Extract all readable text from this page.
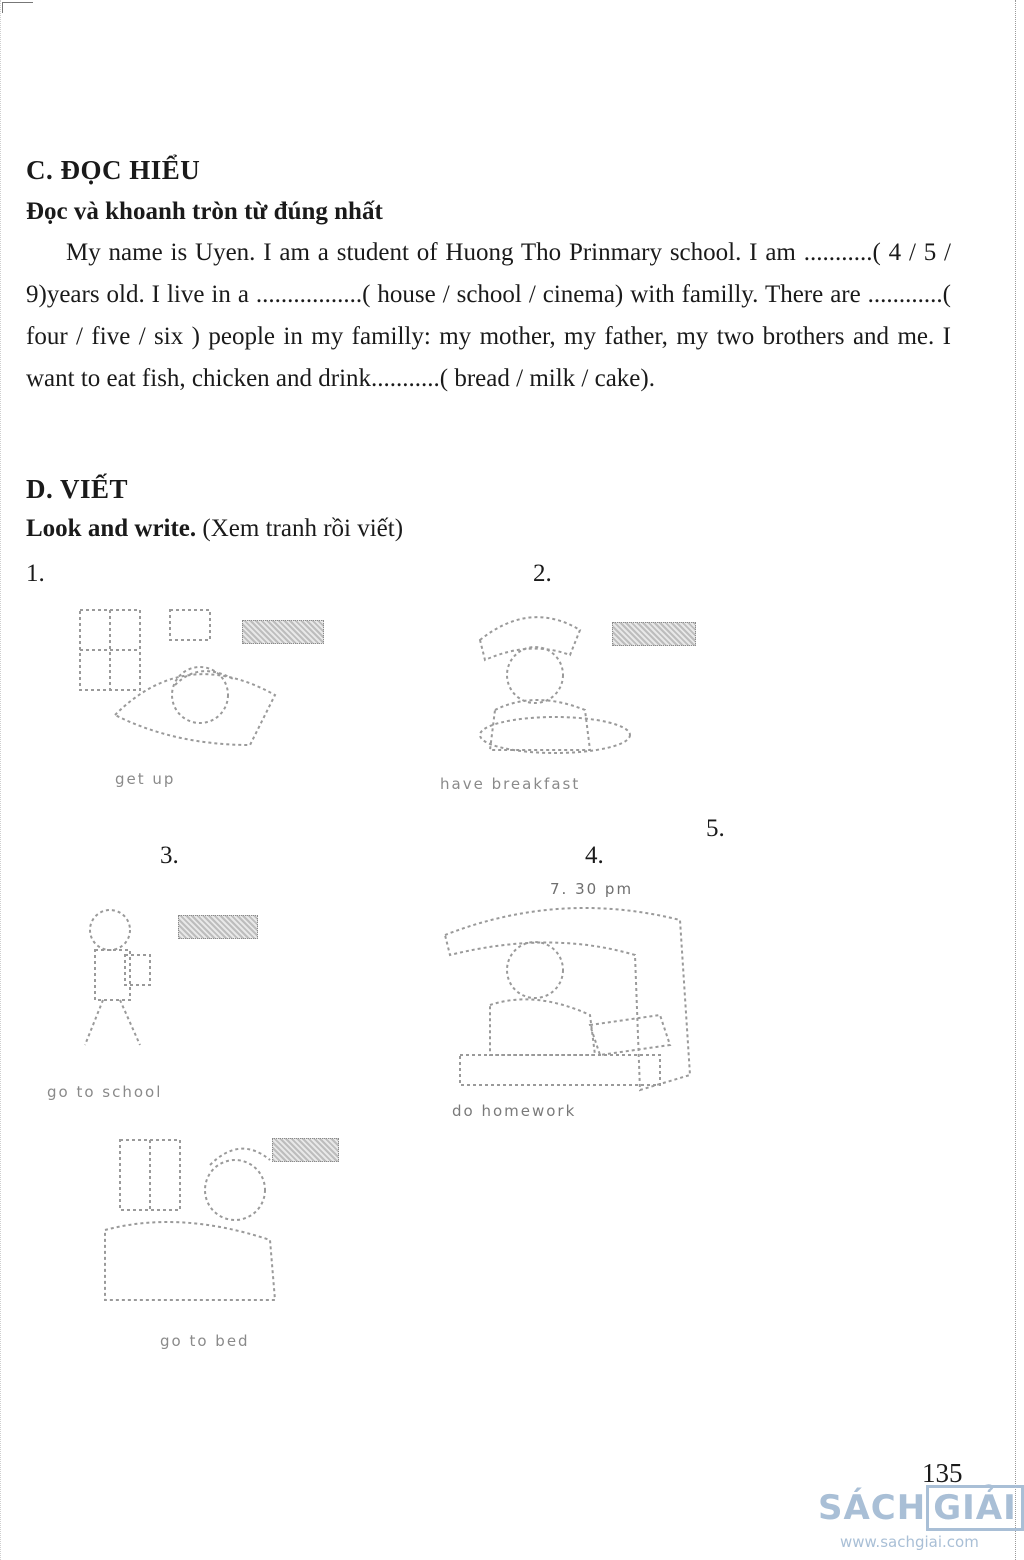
C. ĐỌC HIỂU
Đọc và khoanh tròn từ đúng nhất
My name is Uyen. I am a student of Huong Tho Prinmary school. I am ...........( 4 / 5 / 9)years old. I live in a .................( house / school / cinema) with familly. There are ............( four / five / six ) people in my familly: my mother, my father, my two brothers and me. I want to eat fish, chicken and drink...........( bread / milk / cake).
D. VIẾT
Look and write. (Xem tranh rồi viết)
1.	2.
3.	4.
5.
get up	have breakfast
go to school
7. 30 pm
do homework
go to bed
135
SÁCH GIẢI
www.sachgiai.com
